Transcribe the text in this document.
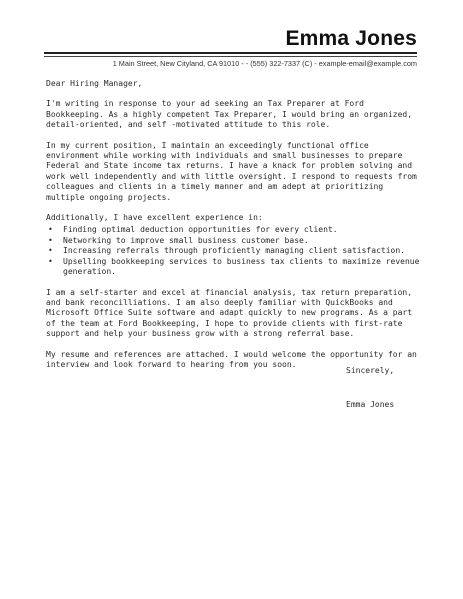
Emma Jones
1 Main Street, New Cityland, CA 91010 - - (555) 322-7337 (C) - example-email@example.com

Dear Hiring Manager,

I'm writing in response to your ad seeking an Tax Preparer at Ford Bookkeeping. As a highly competent Tax Preparer, I would bring an organized, detail-oriented, and self -motivated attitude to this role.

In my current position, I maintain an exceedingly functional office environment while working with individuals and small businesses to prepare Federal and State income tax returns. I have a knack for problem solving and work well independently and with little oversight. I respond to requests from colleagues and clients in a timely manner and am adept at prioritizing multiple ongoing projects.

Additionally, I have excellent experience in:

• Finding optimal deduction opportunities for every client.
• Networking to improve small business customer base.
• Increasing referrals through proficiently managing client satisfaction.
• Upselling bookkeeping services to business tax clients to maximize revenue generation.

I am a self-starter and excel at financial analysis, tax return preparation, and bank reconcilliations. I am also deeply familiar with QuickBooks and Microsoft Office Suite software and adapt quickly to new programs. As a part of the team at Ford Bookkeeping, I hope to provide clients with first-rate support and help your business grow with a strong referral base.

My resume and references are attached. I would welcome the opportunity for an interview and look forward to hearing from you soon.

Sincerely,
Emma Jones
